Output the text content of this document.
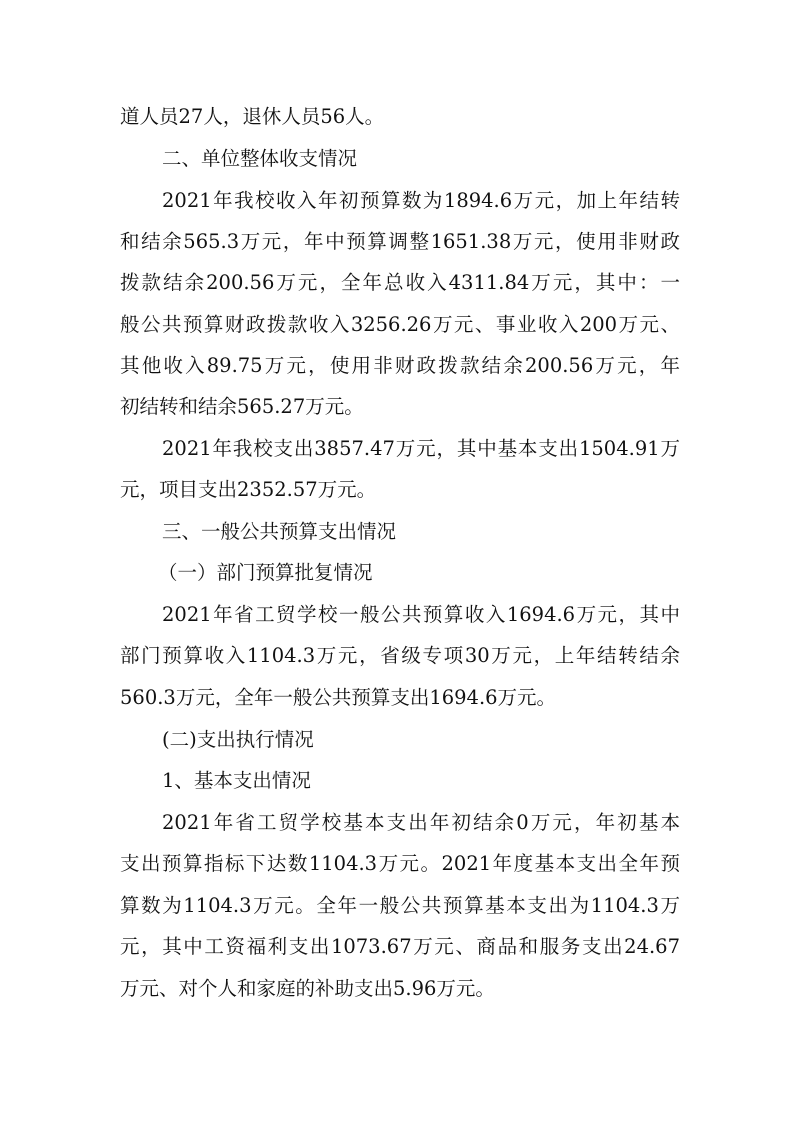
道人员27人，退休人员56人。
二、单位整体收支情况
2021年我校收入年初预算数为1894.6万元，加上年结转
和结余565.3万元，年中预算调整1651.38万元，使用非财政
拨款结余200.56万元，全年总收入4311.84万元，其中：一
般公共预算财政拨款收入3256.26万元、事业收入200万元、
其他收入89.75万元，使用非财政拨款结余200.56万元，年
初结转和结余565.27万元。
2021年我校支出3857.47万元，其中基本支出1504.91万
元，项目支出2352.57万元。
三、一般公共预算支出情况
（一）部门预算批复情况
2021年省工贸学校一般公共预算收入1694.6万元，其中
部门预算收入1104.3万元，省级专项30万元，上年结转结余
560.3万元，全年一般公共预算支出1694.6万元。
(二)支出执行情况
1、基本支出情况
2021年省工贸学校基本支出年初结余0万元，年初基本
支出预算指标下达数1104.3万元。2021年度基本支出全年预
算数为1104.3万元。全年一般公共预算基本支出为1104.3万
元，其中工资福利支出1073.67万元、商品和服务支出24.67
万元、对个人和家庭的补助支出5.96万元。
